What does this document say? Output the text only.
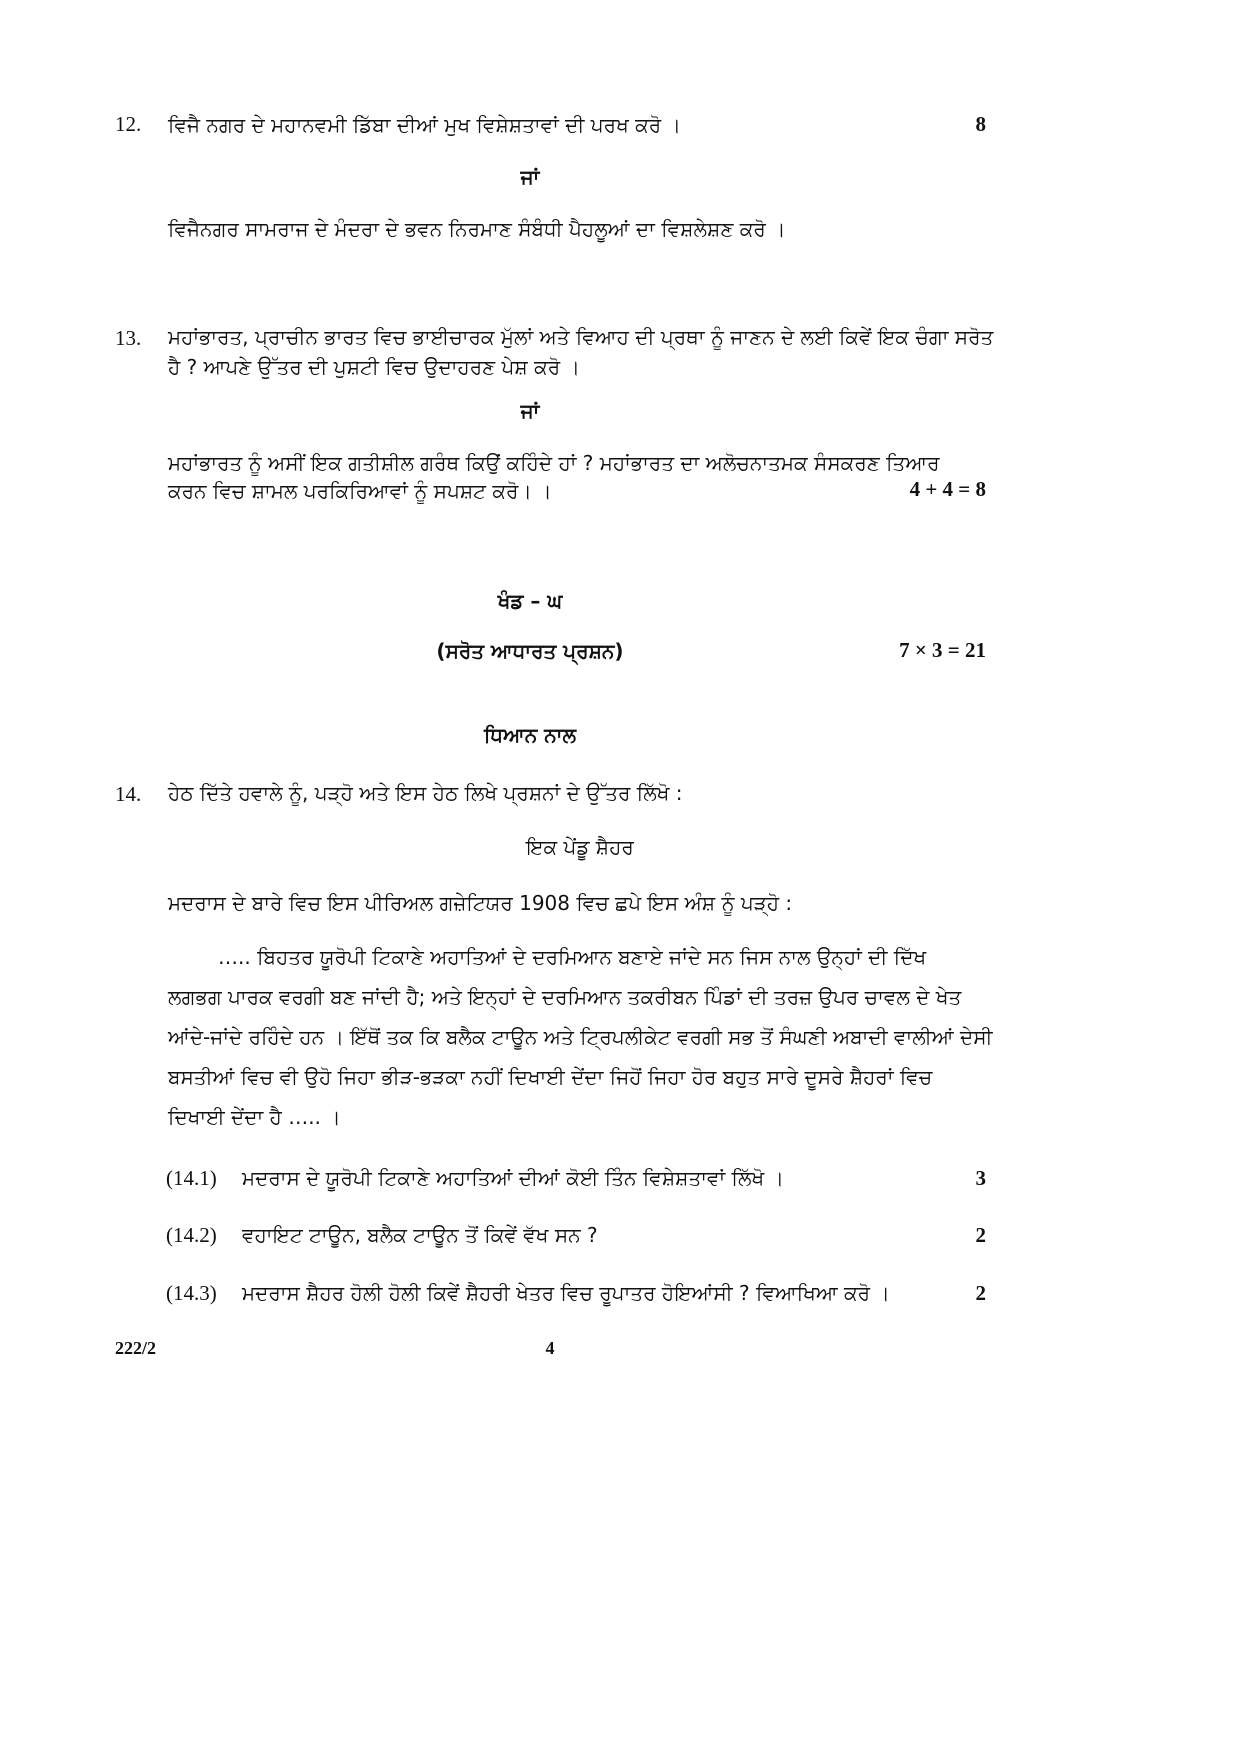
12. ਵਿਜੈ ਨਗਰ ਦੇ ਮਹਾਨਵਮੀ ਡਿੱਬਾ ਦੀਆਂ ਮੁਖ ਵਿਸ਼ੇਸ਼ਤਾਵਾਂ ਦੀ ਪਰਖ ਕਰੋ ।	8
ਜਾਂ
ਵਿਜੈਨਗਰ ਸਾਮਰਾਜ ਦੇ ਮੰਦਰਾ ਦੇ ਭਵਨ ਨਿਰਮਾਣ ਸੰਬੰਧੀ ਪੈਹਲੂਆਂ ਦਾ ਵਿਸ਼ਲੇਸ਼ਣ ਕਰੋ ।
13. ਮਹਾਂਭਾਰਤ, ਪ੍ਰਾਚੀਨ ਭਾਰਤ ਵਿਚ ਭਾਈਚਾਰਕ ਮੁੱਲਾਂ ਅਤੇ ਵਿਆਹ ਦੀ ਪ੍ਰਥਾ ਨੂੰ ਜਾਣਨ ਦੇ ਲਈ ਕਿਵੇਂ ਇਕ ਚੰਗਾ ਸਰੋਤ
ਹੈ ? ਆਪਣੇ ਉੱਤਰ ਦੀ ਪੁਸ਼ਟੀ ਵਿਚ ਉਦਾਹਰਣ ਪੇਸ਼ ਕਰੋ ।
ਜਾਂ
ਮਹਾਂਭਾਰਤ ਨੂੰ ਅਸੀਂ ਇਕ ਗਤੀਸ਼ੀਲ ਗਰੰਥ ਕਿਉਂ ਕਹਿੰਦੇ ਹਾਂ ? ਮਹਾਂਭਾਰਤ ਦਾ ਅਲੋਚਨਾਤਮਕ ਸੰਸਕਰਣ ਤਿਆਰ
ਕਰਨ ਵਿਚ ਸ਼ਾਮਲ ਪਰਕਿਰਿਆਵਾਂ ਨੂੰ ਸਪਸ਼ਟ ਕਰੋ। ।	4 + 4 = 8
ਖੰਡ – ਘ
(ਸਰੋਤ ਆਧਾਰਤ ਪ੍ਰਸ਼ਨ)	7 × 3 = 21
ਧਿਆਨ ਨਾਲ
14. ਹੇਠ ਦਿੱਤੇ ਹਵਾਲੇ ਨੂੰ, ਪੜ੍ਹੋ ਅਤੇ ਇਸ ਹੇਠ ਲਿਖੇ ਪ੍ਰਸ਼ਨਾਂ ਦੇ ਉੱਤਰ ਲਿੱਖੋ :
ਇਕ ਪੇਂਡੂ ਸ਼ੈਹਰ
ਮਦਰਾਸ ਦੇ ਬਾਰੇ ਵਿਚ ਇਸ ਪੀਰਿਅਲ ਗਜ਼ੇਟਿਯਰ 1908 ਵਿਚ ਛਪੇ ਇਸ ਅੰਸ਼ ਨੂੰ ਪੜ੍ਹੋ :
….. ਬਿਹਤਰ ਯੂਰੋਪੀ ਟਿਕਾਣੇ ਅਹਾਤਿਆਂ ਦੇ ਦਰਮਿਆਨ ਬਣਾਏ ਜਾਂਦੇ ਸਨ ਜਿਸ ਨਾਲ ਉਨ੍ਹਾਂ ਦੀ ਦਿੱਖ
ਲਗਭਗ ਪਾਰਕ ਵਰਗੀ ਬਣ ਜਾਂਦੀ ਹੈ; ਅਤੇ ਇਨ੍ਹਾਂ ਦੇ ਦਰਮਿਆਨ ਤਕਰੀਬਨ ਪਿੰਡਾਂ ਦੀ ਤਰਜ਼ ਉਪਰ ਚਾਵਲ ਦੇ ਖੇਤ
ਆਂਦੇ-ਜਾਂਦੇ ਰਹਿੰਦੇ ਹਨ । ਇੱਥੋਂ ਤਕ ਕਿ ਬਲੈਕ ਟਾਊਨ ਅਤੇ ਟ੍ਰਿਪਲੀਕੇਟ ਵਰਗੀ ਸਭ ਤੋਂ ਸੰਘਣੀ ਅਬਾਦੀ ਵਾਲੀਆਂ ਦੇਸੀ
ਬਸਤੀਆਂ ਵਿਚ ਵੀ ਉਹੋ ਜਿਹਾ ਭੀੜ-ਭੜਕਾ ਨਹੀਂ ਦਿਖਾਈ ਦੇਂਦਾ ਜਿਹੋਂ ਜਿਹਾ ਹੋਰ ਬਹੁਤ ਸਾਰੇ ਦੂਸਰੇ ਸ਼ੈਹਰਾਂ ਵਿਚ
ਦਿਖਾਈ ਦੇਂਦਾ ਹੈ ….. ।
(14.1) ਮਦਰਾਸ ਦੇ ਯੂਰੋਪੀ ਟਿਕਾਣੇ ਅਹਾਤਿਆਂ ਦੀਆਂ ਕੋਈ ਤਿੰਨ ਵਿਸ਼ੇਸ਼ਤਾਵਾਂ ਲਿੱਖੋ ।	3
(14.2) ਵਹਾਇਟ ਟਾਊਨ, ਬਲੈਕ ਟਾਊਨ ਤੋਂ ਕਿਵੇਂ ਵੱਖ ਸਨ ?	2
(14.3) ਮਦਰਾਸ ਸ਼ੈਹਰ ਹੋਲੀ ਹੋਲੀ ਕਿਵੇਂ ਸ਼ੈਹਰੀ ਖੇਤਰ ਵਿਚ ਰੂਪਾਤਰ ਹੋਇਆਂਸੀ ? ਵਿਆਖਿਆ ਕਰੋ ।	2
222/2	4
